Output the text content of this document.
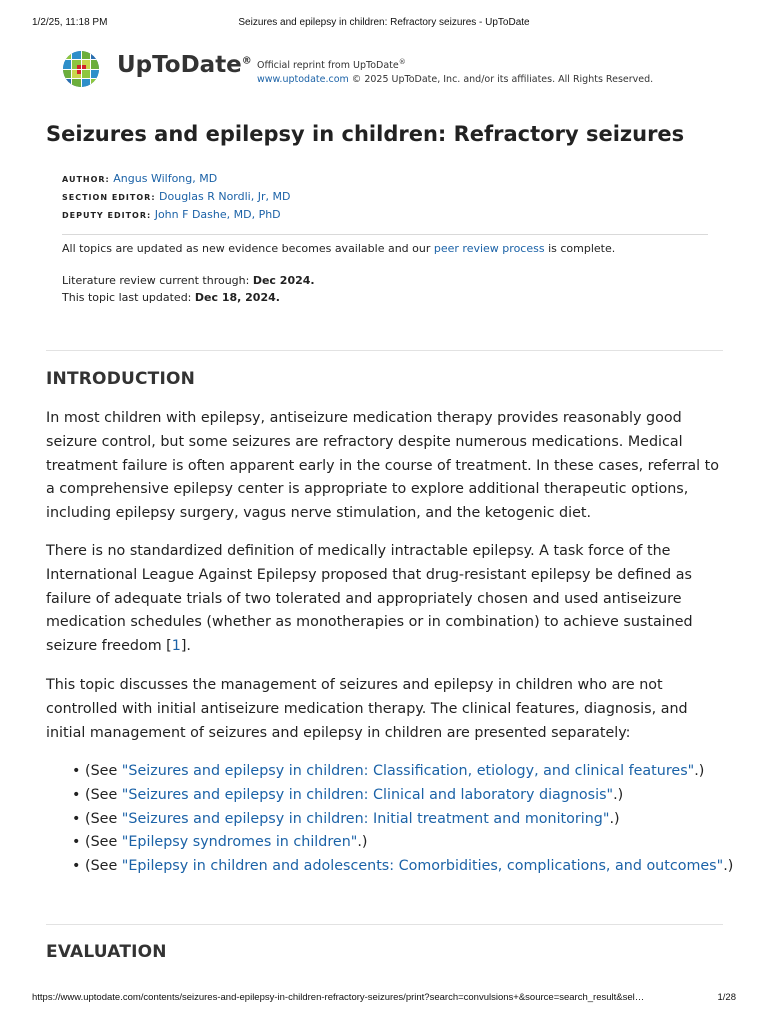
1/2/25, 11:18 PM	Seizures and epilepsy in children: Refractory seizures - UpToDate
UpToDate® Official reprint from UpToDate®
www.uptodate.com © 2025 UpToDate, Inc. and/or its affiliates. All Rights Reserved.
Seizures and epilepsy in children: Refractory seizures
AUTHOR: Angus Wilfong, MD
SECTION EDITOR: Douglas R Nordli, Jr, MD
DEPUTY EDITOR: John F Dashe, MD, PhD
All topics are updated as new evidence becomes available and our peer review process is complete.
Literature review current through: Dec 2024.
This topic last updated: Dec 18, 2024.
INTRODUCTION

In most children with epilepsy, antiseizure medication therapy provides reasonably good seizure control, but some seizures are refractory despite numerous medications. Medical treatment failure is often apparent early in the course of treatment. In these cases, referral to a comprehensive epilepsy center is appropriate to explore additional therapeutic options, including epilepsy surgery, vagus nerve stimulation, and the ketogenic diet.

There is no standardized definition of medically intractable epilepsy. A task force of the International League Against Epilepsy proposed that drug-resistant epilepsy be defined as failure of adequate trials of two tolerated and appropriately chosen and used antiseizure medication schedules (whether as monotherapies or in combination) to achieve sustained seizure freedom [1].

This topic discusses the management of seizures and epilepsy in children who are not controlled with initial antiseizure medication therapy. The clinical features, diagnosis, and initial management of seizures and epilepsy in children are presented separately:

• (See "Seizures and epilepsy in children: Classification, etiology, and clinical features".)
• (See "Seizures and epilepsy in children: Clinical and laboratory diagnosis".)
• (See "Seizures and epilepsy in children: Initial treatment and monitoring".)
• (See "Epilepsy syndromes in children".)
• (See "Epilepsy in children and adolescents: Comorbidities, complications, and outcomes".)
EVALUATION
https://www.uptodate.com/contents/seizures-and-epilepsy-in-children-refractory-seizures/print?search=convulsions+&source=search_result&sel…	1/28
